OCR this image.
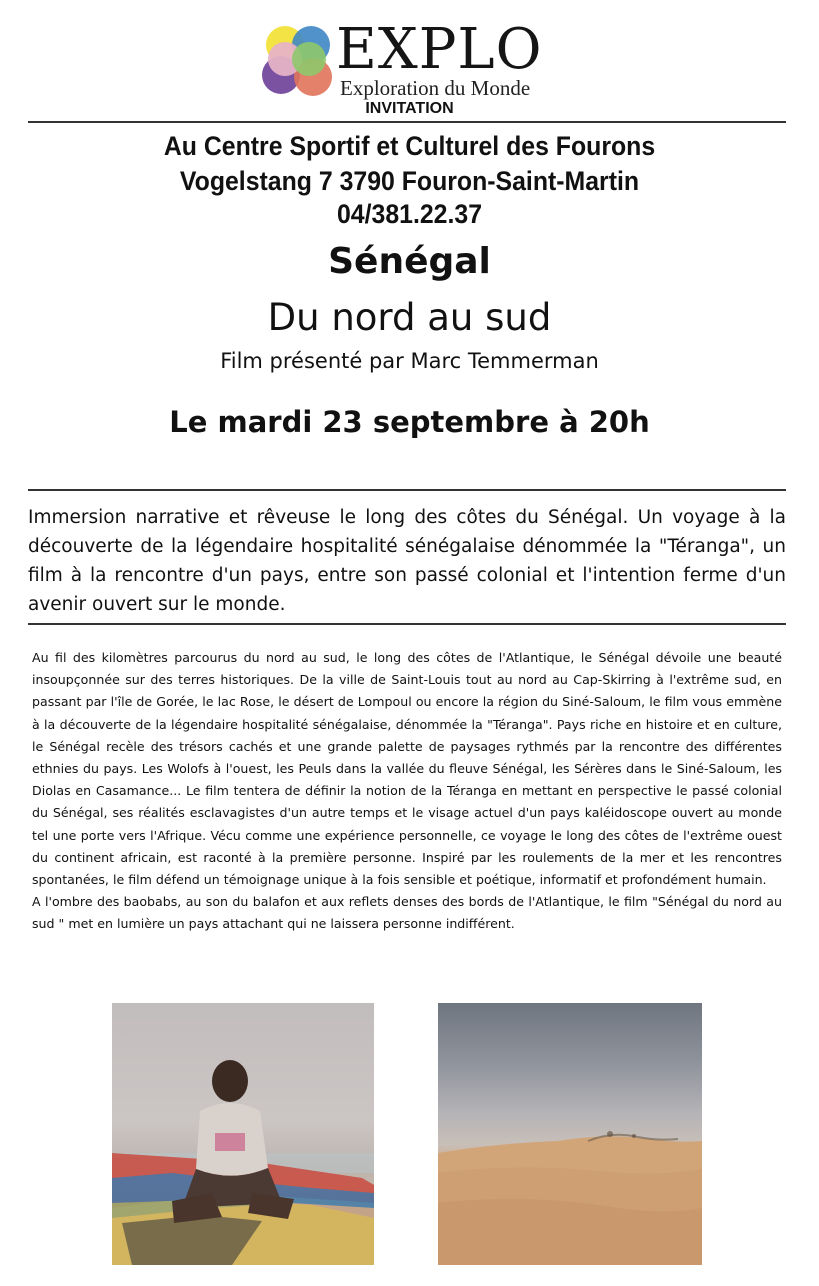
EXPLO
Exploration du Monde
INVITATION
Au Centre Sportif et Culturel des Fourons
Vogelstang 7 3790 Fouron-Saint-Martin
04/381.22.37
Sénégal
Du nord au sud
Film présenté par Marc Temmerman
Le mardi 23 septembre à 20h
Immersion narrative et rêveuse le long des côtes du Sénégal. Un voyage à la découverte de la légendaire hospitalité sénégalaise dénommée la "Téranga", un film à la rencontre d'un pays, entre son passé colonial et l'intention ferme d'un avenir ouvert sur le monde.

Au fil des kilomètres parcourus du nord au sud, le long des côtes de l'Atlantique, le Sénégal dévoile une beauté insoupçonnée sur des terres historiques. De la ville de Saint-Louis tout au nord au Cap-Skirring à l'extrême sud, en passant par l'île de Gorée, le lac Rose, le désert de Lompoul ou encore la région du Siné-Saloum, le film vous emmène à la découverte de la légendaire hospitalité sénégalaise, dénommée la "Téranga". Pays riche en histoire et en culture, le Sénégal recèle des trésors cachés et une grande palette de paysages rythmés par la rencontre des différentes ethnies du pays. Les Wolofs à l'ouest, les Peuls dans la vallée du fleuve Sénégal, les Sérères dans le Siné-Saloum, les Diolas en Casamance... Le film tentera de définir la notion de la Téranga en mettant en perspective le passé colonial du Sénégal, ses réalités esclavagistes d'un autre temps et le visage actuel d'un pays kaléidoscope ouvert au monde tel une porte vers l'Afrique. Vécu comme une expérience personnelle, ce voyage le long des côtes de l'extrême ouest du continent africain, est raconté à la première personne. Inspiré par les roulements de la mer et les rencontres spontanées, le film défend un témoignage unique à la fois sensible et poétique, informatif et profondément humain.

A l'ombre des baobabs, au son du balafon et aux reflets denses des bords de l'Atlantique, le film "Sénégal du nord au sud " met en lumière un pays attachant qui ne laissera personne indifférent.
